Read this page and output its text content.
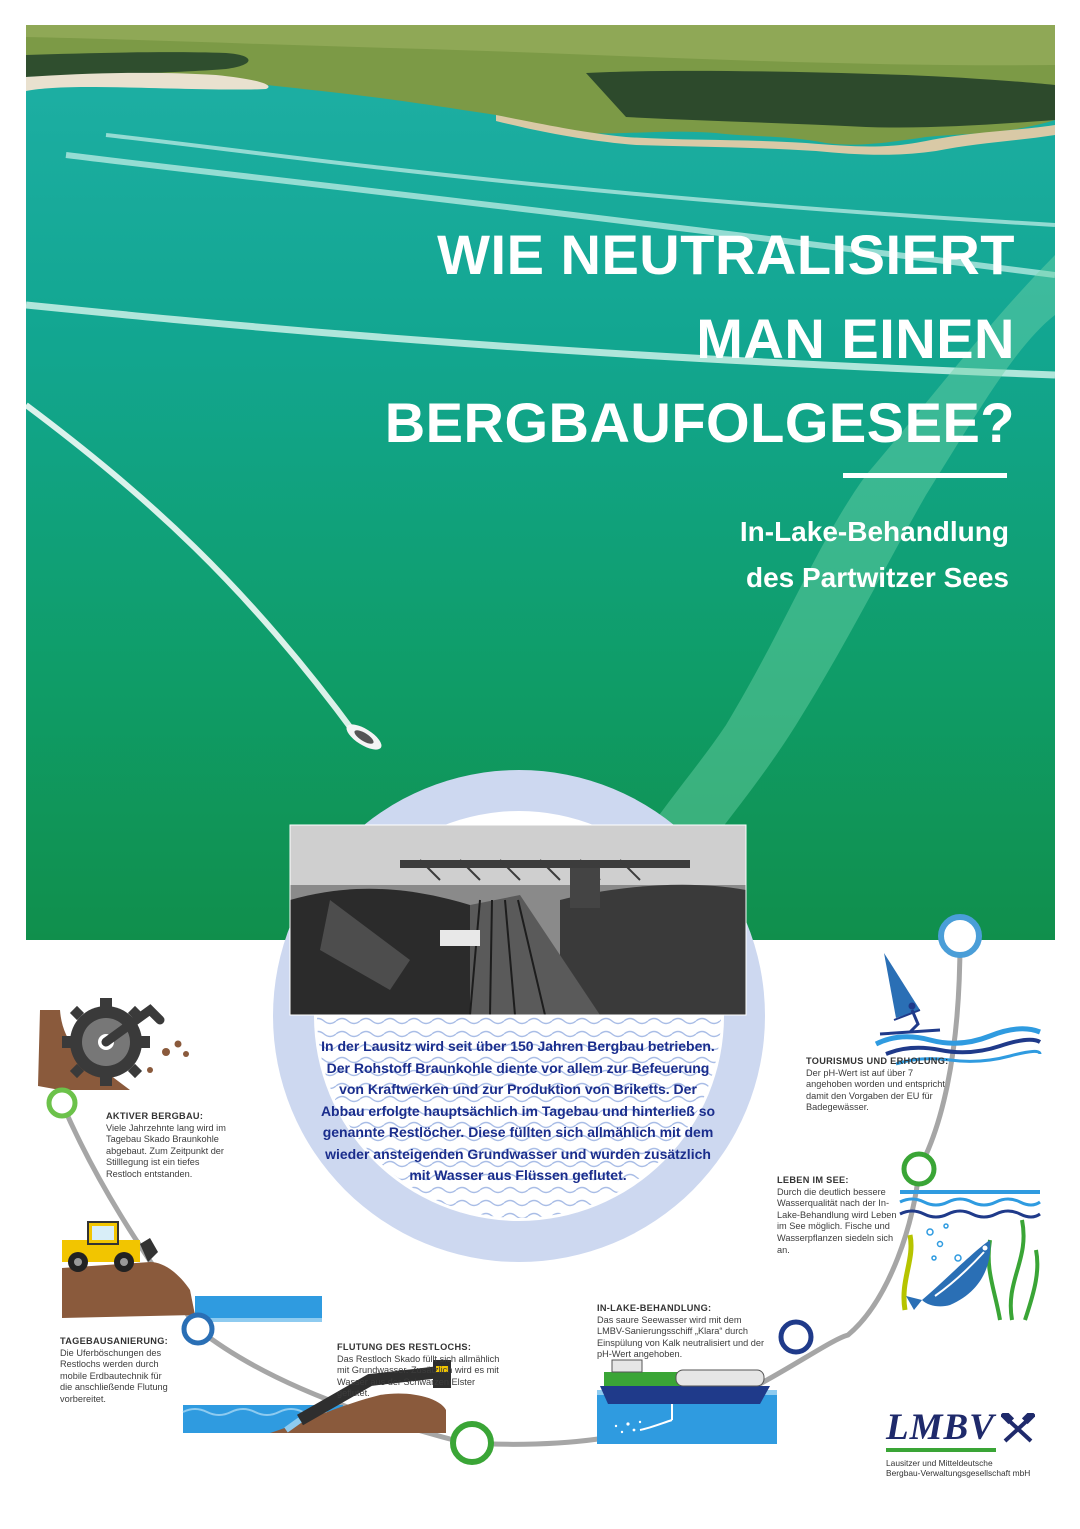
WIE NEUTRALISIERT
MAN EINEN
BERGBAUFOLGESEE?
In-Lake-Behandlung
des Partwitzer Sees
In der Lausitz wird seit über 150 Jahren Bergbau betrieben. Der Rohstoff Braunkohle diente vor allem zur Befeuerung von Kraftwerken und zur Produktion von Briketts. Der Abbau erfolgte hauptsächlich im Tagebau und hinterließ so genannte Restlöcher. Diese füllten sich allmählich mit dem wieder ansteigenden Grundwasser und wurden zusätzlich mit Wasser aus Flüssen geflutet.
AKTIVER BERGBAU:
Viele Jahrzehnte lang wird im Tagebau Skado Braunkohle abgebaut. Zum Zeitpunkt der Stilllegung ist ein tiefes Restloch entstanden.
TAGEBAUSANIERUNG:
Die Uferböschungen des Restlochs werden durch mobile Erdbautechnik für die anschließende Flutung vorbereitet.
FLUTUNG DES RESTLOCHS:
Das Restloch Skado füllt sich allmählich mit Grundwasser. Zusätzlich wird es mit Wasser aus der Schwarzen Elster geflutet.
IN-LAKE-BEHANDLUNG:
Das saure Seewasser wird mit dem LMBV-Sanierungsschiff „Klara“ durch Einspülung von Kalk neutralisiert und der pH-Wert angehoben.
LEBEN IM SEE:
Durch die deutlich bessere Wasserqualität nach der In-Lake-Behandlung wird Leben im See möglich. Fische und Wasserpflanzen siedeln sich an.
TOURISMUS UND ERHOLUNG:
Der pH-Wert ist auf über 7 angehoben worden und entspricht damit den Vorgaben der EU für Badegewässer.
LMBV
Lausitzer und Mitteldeutsche
Bergbau-Verwaltungsgesellschaft mbH
